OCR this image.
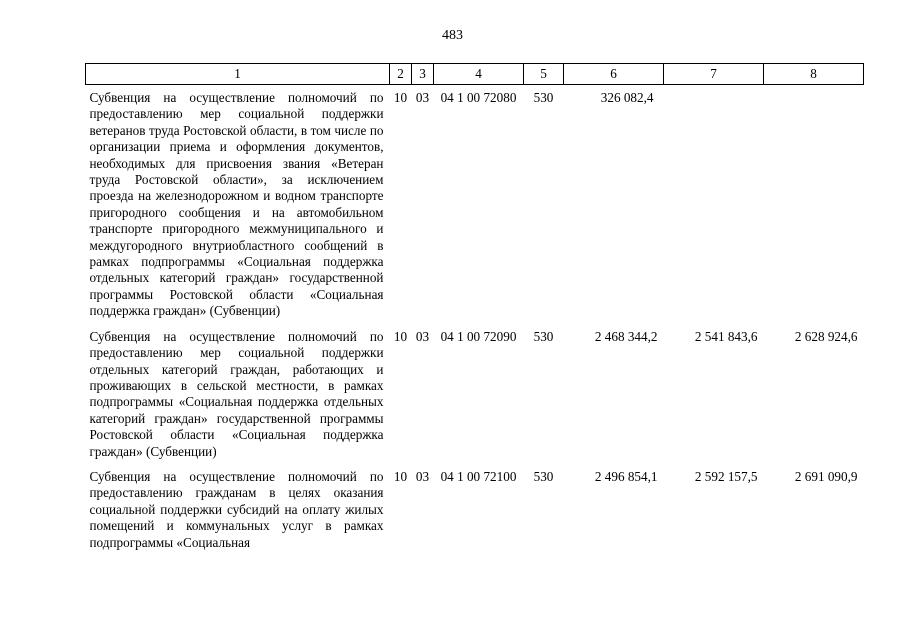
483
1	2	3	4	5	6	7	8
Субвенция на осуществление полномочий по предоставлению мер социальной поддержки ветеранов труда Ростовской области, в том числе по организации приема и оформления документов, необходимых для присвоения звания «Ветеран труда Ростовской области», за исключением проезда на железнодорожном и водном транспорте пригородного сообщения и на автомобильном транспорте пригородного межмуниципального и междугородного внутриобластного сообщений в рамках подпрограммы «Социальная поддержка отдельных категорий граждан» государственной программы Ростовской области «Социальная поддержка граждан» (Субвенции)	10	03	04 1 00 72080	530	326 082,4		
Субвенция на осуществление полномочий по предоставлению мер социальной поддержки отдельных категорий граждан, работающих и проживающих в сельской местности, в рамках подпрограммы «Социальная поддержка отдельных категорий граждан» государственной программы Ростовской области «Социальная поддержка граждан» (Субвенции)	10	03	04 1 00 72090	530	2 468 344,2	2 541 843,6	2 628 924,6
Субвенция на осуществление полномочий по предоставлению гражданам в целях оказания социальной поддержки субсидий на оплату жилых помещений и коммунальных услуг в рамках подпрограммы «Социальная	10	03	04 1 00 72100	530	2 496 854,1	2 592 157,5	2 691 090,9
